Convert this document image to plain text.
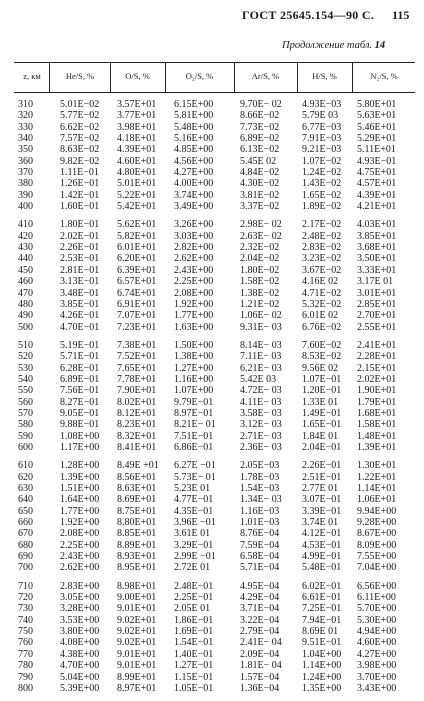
ГОСТ 25645.154—90 С. 115
Продолжение табл. 14
z, км	He/S, %	O/S, %	O₂/S, %	Ar/S, %	H/S, %	N₂/S, %
310	5.01E−02 3.57E+01 6.15E+00	9.70E− 02 4.93E−03 5.80E+01
320	5.77E−02 3.77E+01 5.81E+00	8.66E−02 5.79E 03 5.63E+01
330	6.62E−02 3.98E+01 5.48E+00	7.73E−02 6.77E−03 5.46E+01
340	7.57E−02 4.18E+01 5.16E+00	6.89E−02 7.91E−03 5.29E+01
350	8.63E−02 4.39E+01 4.85E+00	6.13E−02 9.21E−03 5.11E+01
360	9.82E−02 4.60E+01 4.56E+00	5.45E 02	1.07E−02 4.93E−01
370	1.11E−01 4.80E+01 4.27E+00	4.84E−02 1.24E−02 4.75E+01
380	1.26E−01 5.01E+01 4.00E+00	4.30E−02 1.43E−02 4.57E+01
390	1.42E−01 5.22E+01 3.74E+00	3.81E−02 1.65E−02 4.39E+01
400	1.60E−01 5.42E+01 3.49E+00	3.37E−02 1.89E−02 4.21E+01
410	1.80E−01 5.62E+01 3.26E+00	2.98E− 02 2.17E−02 4.03E+01
420	2.02E−01 5.82E+01 3.03E+00	2.63E− 02 2.48E−02 3.85E+01
430	2.26E−01 6.01E+01 2.82E+00	2.32E−02 2.83E−02 3.68E+01
440	2.53E−01 6.20E+01 2.62E+00	2.04E−02 3.23E−02 3.50E+01
450	2.81E−01 6.39E+01 2.43E+00	1.80E−02 3.67E−02 3.33E+01
460	3.13E−01 6.57E+01 2.25E+00	1.58E−02 4.16E 02 3.17E 01
470	3.48E−01 6.74E+01 2.08E+00	1.38E−02 4.71E−02 3.01E+01
480	3.85E−01 6.91E+01 1.92E+00	1.21E−02 5.32E−02 2.85E+01
490	4.26E−01 7.07E+01 1.77E+00	1.06E− 02 6.01E 02 2.70E+01
500	4.70E−01 7.23E+01 1.63E+00	9.31E− 03 6.76E−02 2.55E+01
510	5.19E−01 7.38E+01 1.50E+00	8.14E− 03 7.60E−02 2.41E+01
520	5.71E−01 7.52E+01 1.38E+00	7.11E− 03 8.53E−02 2.28E+01
530	6.28E−01 7.65E+01 1.27E+00	6.21E− 03 9.56E 02 2.15E+01
540	6.89E−01 7.78E+01 1.16E+00	5.42E 03	1.07E−01 2.02E+01
550	7.56E−01 7.90E+01 1.07E+00	4.72E− 03 1.20E−01 1.90E+01
560	8.27E−01 8.02E+01 9.79E−01	4.11E− 03 1.33E 01 1.79E+01
570	9.05E−01 8.12E+01 8.97E−01	3.58E− 03 1.49E−01 1.68E+01
580	9.88E−01 8.23E+01 8.21E− 01 3.12E− 03 1.65E−01 1.58E+01
590	1.08E+00 8.32E+01 7.51E−01	2.71E− 03 1.84E 01 1.48E+01
600	1.17E+00 8.41E+01 6.86E−01	2.36E− 03 2.04E−01 1.39E+01
610	1.28E+00 8.49E +01 6.27E −01 2.05E−03 2.26E−01 1.30E+01
620	1.39E+00 8.56E+01 5.73E− 01 1.78E−03 2.51E−01 1.22E+01
630	1.51E+00 8.63E+01 5.23E 01	1.54E−03 2.77E 01 1.14E+01
640	1.64E+00 8.69E+01 4.77E−01	1.34E− 03 3.07E−01 1.06E+01
650	1.77E+00 8.75E+01 4.35E−01	1.16E−03 3.39E−01 9.94E+00
660	1.92E+00 8.80E+01 3.96E −01 1.01E−03 3.74E 01 9.28E+00
670	2.08E+00 8.85E+01 3.61E 01	8.76E−04 4.12E−01 8.67E+00
680	2.25E+00 8.89E+01 3.29E−01	7.59E−04 4.53E−01 8.09E+00
690	2.43E+00 8.93E+01 2.99E −01 6.58E−04 4.99E−01 7.55E+00
700	2.62E+00 8.95E+01 2.72E 01	5.71E−04 5.48E−01 7.04E+00
710	2.83E+00 8.98E+01 2.48E−01	4.95E−04 6.02E−01 6.56E+00
720	3.05E+00 9.00E+01 2.25E−01	4.29E−04 6.61E−01 6.11E+00
730	3.28E+00 9.01E+01 2.05E 01	3.71E−04 7.25E−01 5.70E+00
740	3.53E+00 9.02E+01 1.86E−01	3.22E−04 7.94E−01 5.30E+00
750	3.80E+00 9.02E+01 1.69E−01	2.79E−04 8.69E 01 4.94E+00
760	4.08E+00 9.02E+01 1.54E−01	2.41E− 04 9.51E−01 4.60E+00
770	4.38E+00 9.01E+01 1.40E−01	2.09E−04 1.04E+00 4.27E+00
780	4.70E+00 9.01E+01 1.27E−01	1.81E− 04 1.14E+00 3.98E+00
790	5.04E+00 8.99E+01 1.15E−01	1.57E−04 1.24E+00 3.70E+00
800	5.39E+00 8.97E+01 1.05E−01	1.36E−04 1.35E+00 3.43E+00
